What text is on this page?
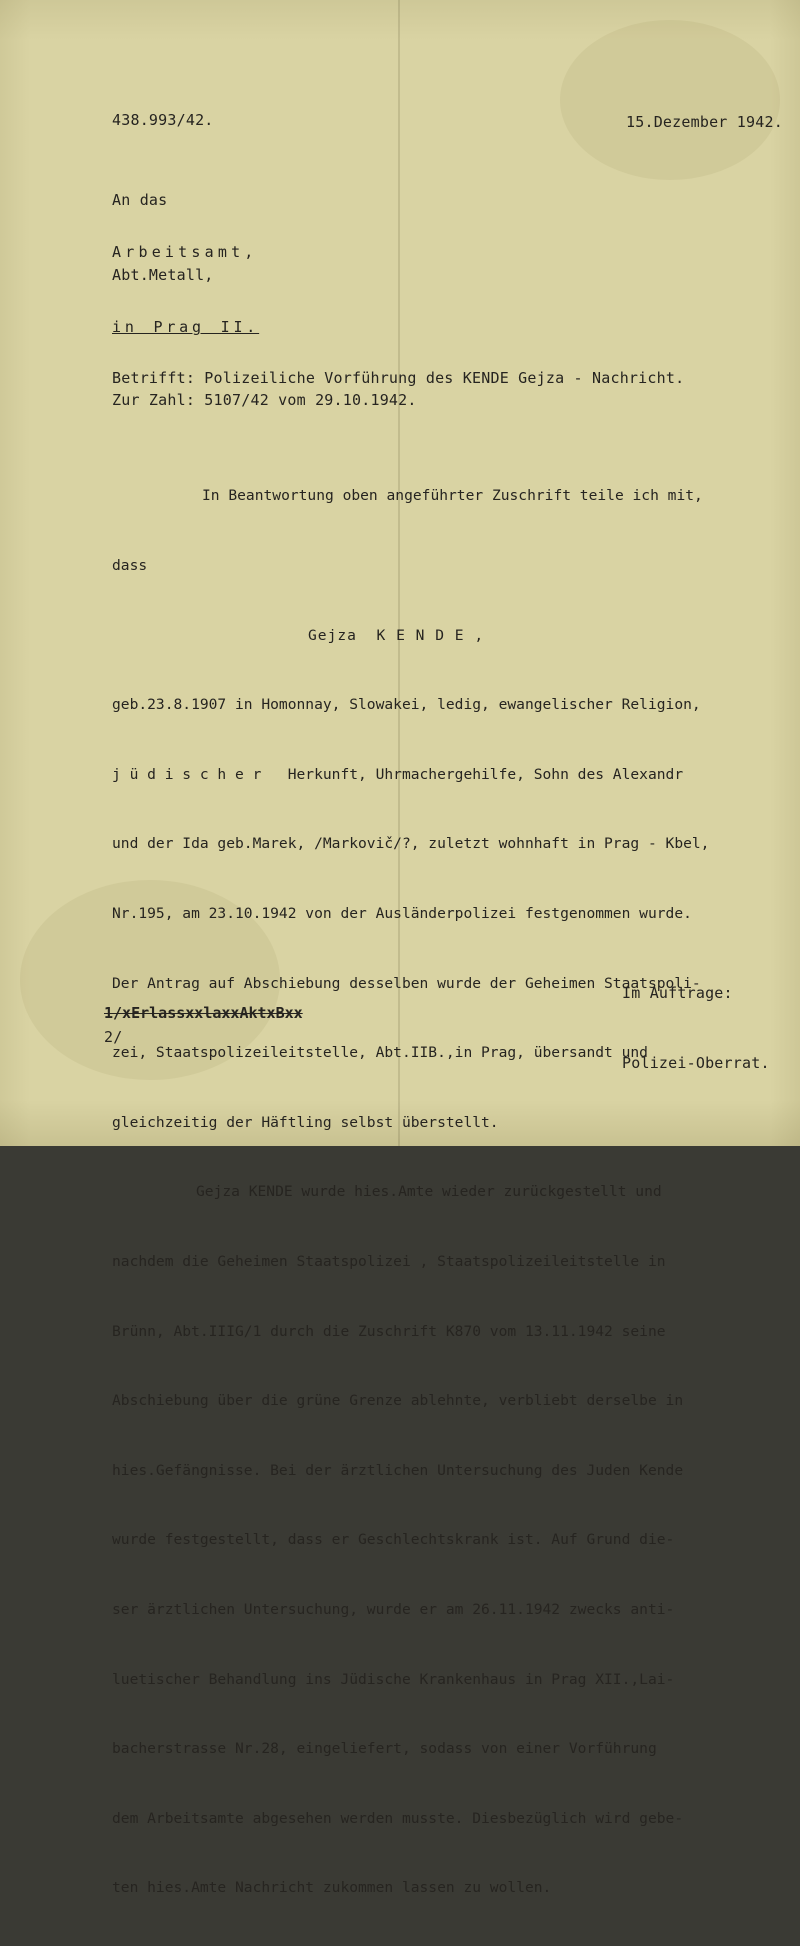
438.993/42.	15.Dezember 1942.
An das
Arbeitsamt,
Abt.Metall,
in Prag II.
Betrifft: Polizeiliche Vorführung des KENDE Gejza - Nachricht.
Zur Zahl: 5107/42 vom 29.10.1942.

In Beantwortung oben angeführter Zuschrift teile ich mit,

dass

Gejza  K E N D E ,

geb.23.8.1907 in Homonnay, Slowakei, ledig, ewangelischer Religion,

j ü d i s c h e r   Herkunft, Uhrmachergehilfe, Sohn des Alexandr

und der Ida geb.Marek, /Markovič/?, zuletzt wohnhaft in Prag - Kbel,

Nr.195, am 23.10.1942 von der Ausländerpolizei festgenommen wurde.

Der Antrag auf Abschiebung desselben wurde der Geheimen Staatspoli-

zei, Staatspolizeileitstelle, Abt.IIB.,in Prag, übersandt und

gleichzeitig der Häftling selbst überstellt.

Gejza KENDE wurde hies.Amte wieder zurückgestellt und

nachdem die Geheimen Staatspolizei , Staatspolizeileitstelle in

Brünn, Abt.IIIG/1 durch die Zuschrift K870 vom 13.11.1942 seine

Abschiebung über die grüne Grenze ablehnte, verbliebt derselbe in

hies.Gefängnisse. Bei der ärztlichen Untersuchung des Juden Kende

wurde festgestellt, dass er Geschlechtskrank ist. Auf Grund die-

ser ärztlichen Untersuchung, wurde er am 26.11.1942 zwecks anti-

luetischer Behandlung ins Jüdische Krankenhaus in Prag XII.,Lai-

bacherstrasse Nr.28, eingeliefert, sodass von einer Vorführung

dem Arbeitsamte abgesehen werden musste. Diesbezüglich wird gebe-

ten hies.Amte Nachricht zukommen lassen zu wollen.

Im Auftrage:
1/xErlassxxlaxxAktxBxx
2/
Polizei-Oberrat.
